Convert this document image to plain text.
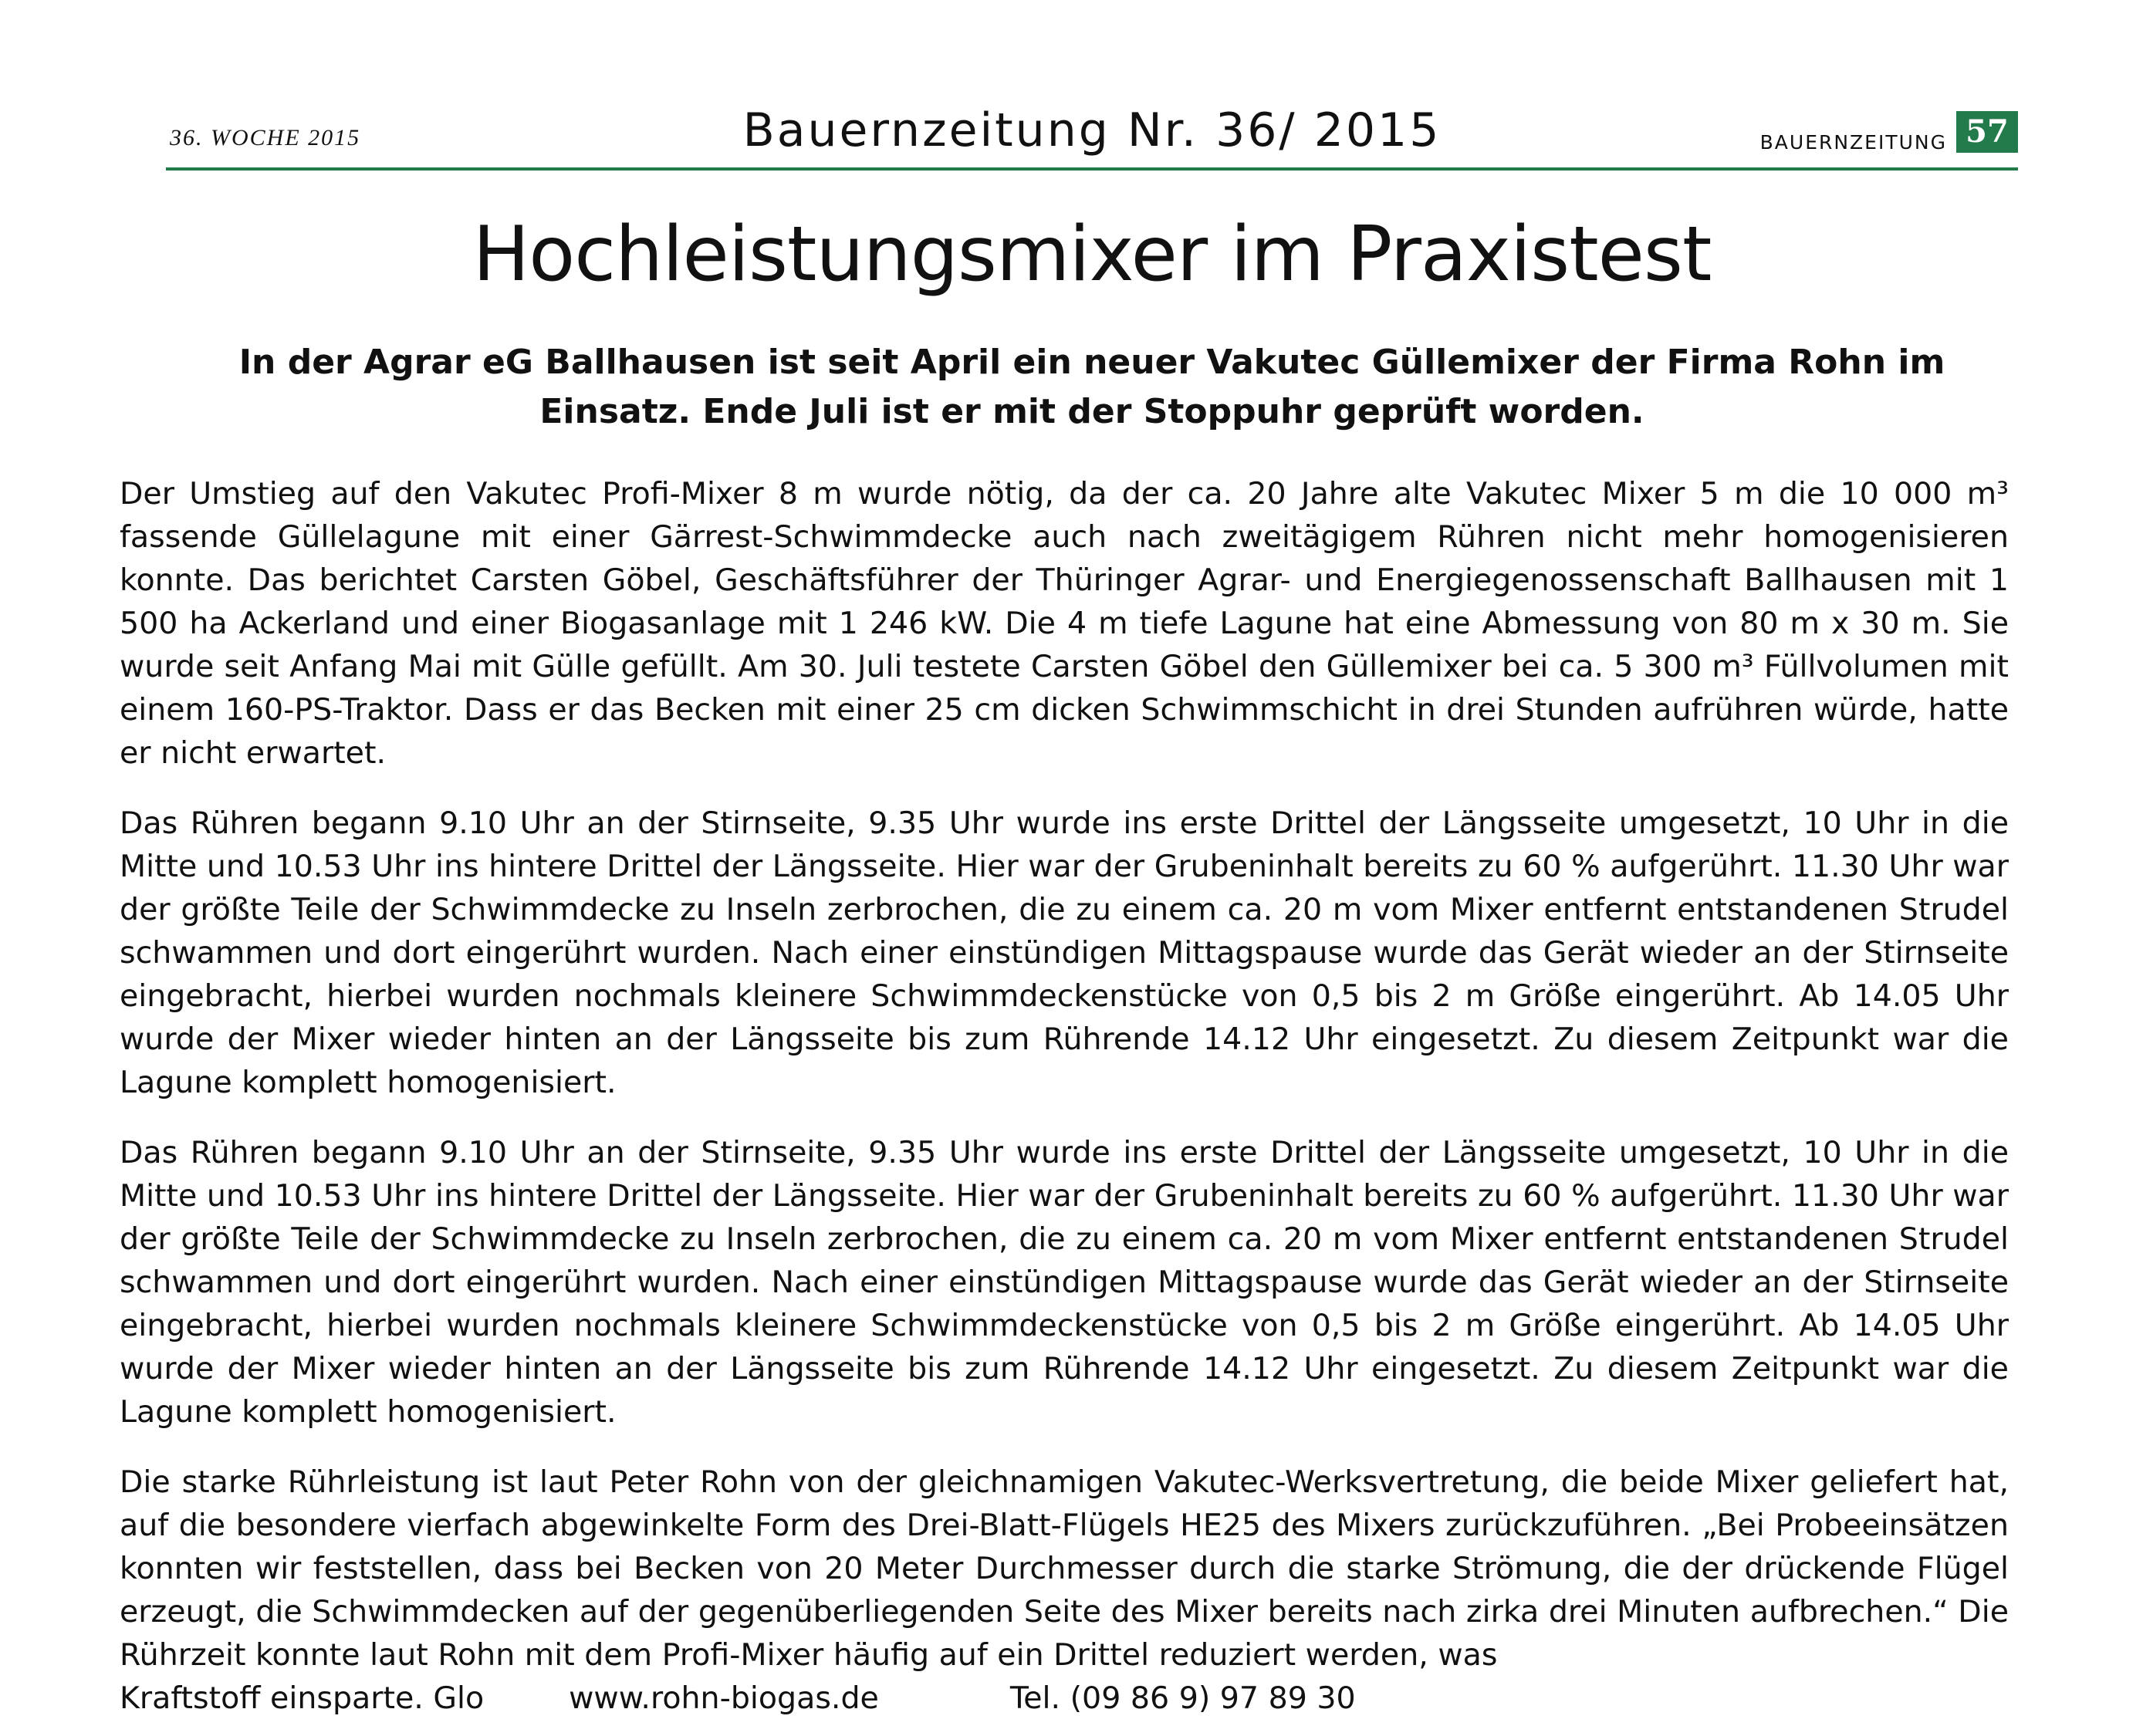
36. WOCHE 2015	Bauernzeitung Nr. 36/ 2015	BAUERNZEITUNG 57
Hochleistungsmixer im Praxistest

In der Agrar eG Ballhausen ist seit April ein neuer Vakutec Güllemixer der Firma Rohn im Einsatz. Ende Juli ist er mit der Stoppuhr geprüft worden.

Der Umstieg auf den Vakutec Profi-Mixer 8 m wurde nötig, da der ca. 20 Jahre alte Vakutec Mixer 5 m die 10 000 m³ fassende Güllelagune mit einer Gärrest-Schwimmdecke auch nach zweitägigem Rühren nicht mehr homogenisieren konnte. Das berichtet Carsten Göbel, Geschäftsführer der Thüringer Agrar- und Energiegenossenschaft Ballhausen mit 1 500 ha Ackerland und einer Biogasanlage mit 1 246 kW. Die 4 m tiefe Lagune hat eine Abmessung von 80 m x 30 m. Sie wurde seit Anfang Mai mit Gülle gefüllt. Am 30. Juli testete Carsten Göbel den Güllemixer bei ca. 5 300 m³ Füllvolumen mit einem 160-PS-Traktor. Dass er das Becken mit einer 25 cm dicken Schwimmschicht in drei Stunden aufrühren würde, hatte er nicht erwartet.

Das Rühren begann 9.10 Uhr an der Stirnseite, 9.35 Uhr wurde ins erste Drittel der Längsseite umgesetzt, 10 Uhr in die Mitte und 10.53 Uhr ins hintere Drittel der Längsseite. Hier war der Grubeninhalt bereits zu 60 % aufgerührt. 11.30 Uhr war der größte Teile der Schwimmdecke zu Inseln zerbrochen, die zu einem ca. 20 m vom Mixer entfernt entstandenen Strudel schwammen und dort eingerührt wurden. Nach einer einstündigen Mittagspause wurde das Gerät wieder an der Stirnseite eingebracht, hierbei wurden nochmals kleinere Schwimmdeckenstücke von 0,5 bis 2 m Größe eingerührt. Ab 14.05 Uhr wurde der Mixer wieder hinten an der Längsseite bis zum Rührende 14.12 Uhr eingesetzt. Zu diesem Zeitpunkt war die Lagune komplett homogenisiert.

Das Rühren begann 9.10 Uhr an der Stirnseite, 9.35 Uhr wurde ins erste Drittel der Längsseite umgesetzt, 10 Uhr in die Mitte und 10.53 Uhr ins hintere Drittel der Längsseite. Hier war der Grubeninhalt bereits zu 60 % aufgerührt. 11.30 Uhr war der größte Teile der Schwimmdecke zu Inseln zerbrochen, die zu einem ca. 20 m vom Mixer entfernt entstandenen Strudel schwammen und dort eingerührt wurden. Nach einer einstündigen Mittagspause wurde das Gerät wieder an der Stirnseite eingebracht, hierbei wurden nochmals kleinere Schwimmdeckenstücke von 0,5 bis 2 m Größe eingerührt. Ab 14.05 Uhr wurde der Mixer wieder hinten an der Längsseite bis zum Rührende 14.12 Uhr eingesetzt. Zu diesem Zeitpunkt war die Lagune komplett homogenisiert.

Die starke Rührleistung ist laut Peter Rohn von der gleichnamigen Vakutec-Werksvertretung, die beide Mixer geliefert hat, auf die besondere vierfach abgewinkelte Form des Drei-Blatt-Flügels HE25 des Mixers zurückzuführen. „Bei Probeeinsätzen konnten wir feststellen, dass bei Becken von 20 Meter Durchmesser durch die starke Strömung, die der drückende Flügel erzeugt, die Schwimmdecken auf der gegenüberliegenden Seite des Mixer bereits nach zirka drei Minuten aufbrechen.“ Die Rührzeit konnte laut Rohn mit dem Profi-Mixer häufig auf ein Drittel reduziert werden, was

Kraftstoff einsparte. Glo	www.rohn-biogas.de	Tel. (09 86 9) 97 89 30
